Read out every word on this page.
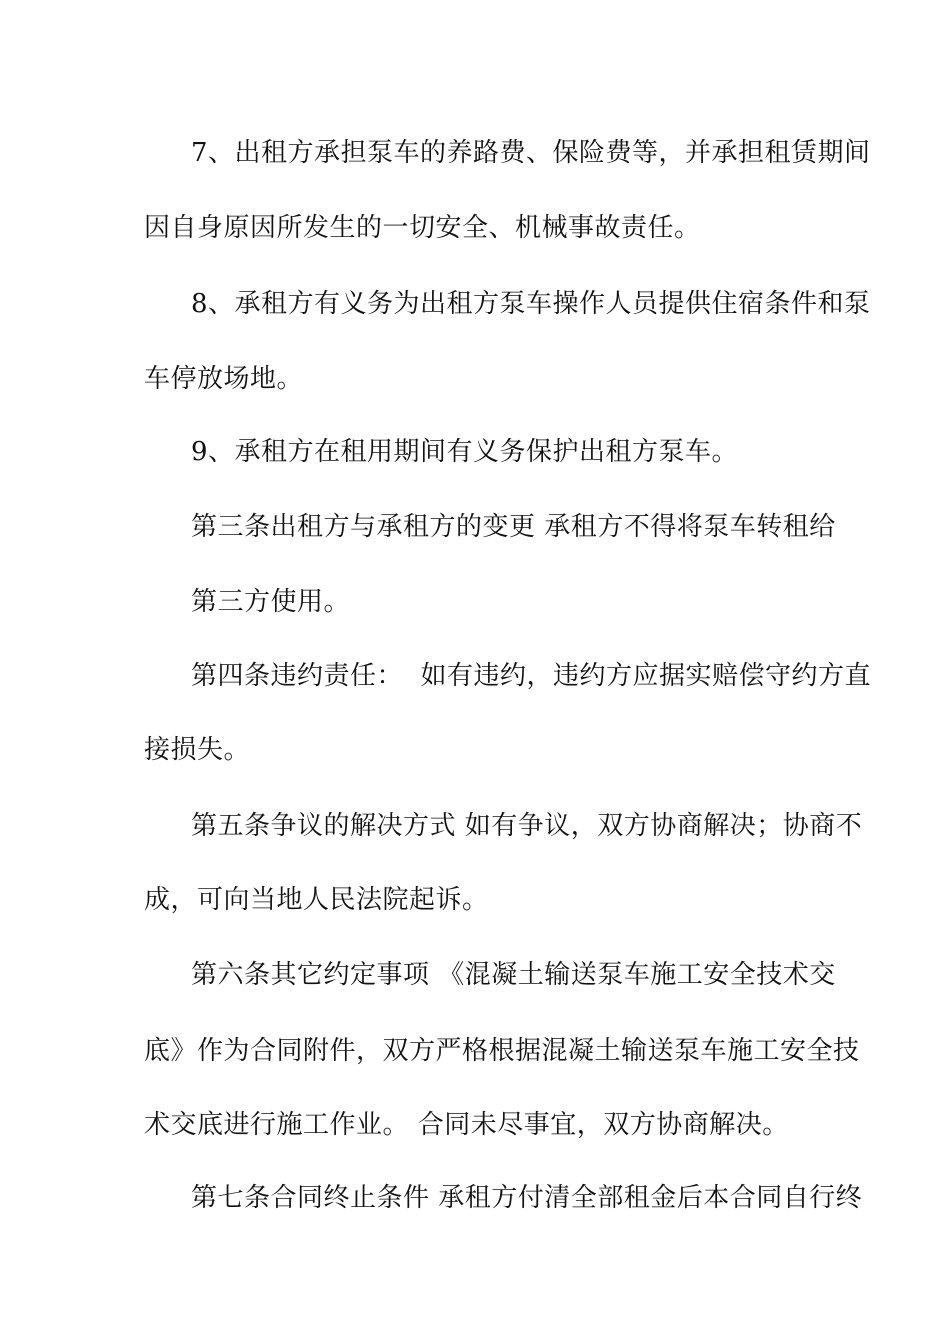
7、出租方承担泵车的养路费、保险费等，并承担租赁期间
因自身原因所发生的一切安全、机械事故责任。
8、承租方有义务为出租方泵车操作人员提供住宿条件和泵
车停放场地。
9、承租方在租用期间有义务保护出租方泵车。
第三条出租方与承租方的变更 承租方不得将泵车转租给
第三方使用。
第四条违约责任：  如有违约，违约方应据实赔偿守约方直
接损失。
第五条争议的解决方式 如有争议，双方协商解决；协商不
成，可向当地人民法院起诉。
第六条其它约定事项 《混凝土输送泵车施工安全技术交
底》作为合同附件，双方严格根据混凝土输送泵车施工安全技
术交底进行施工作业。 合同未尽事宜，双方协商解决。
第七条合同终止条件 承租方付清全部租金后本合同自行终
